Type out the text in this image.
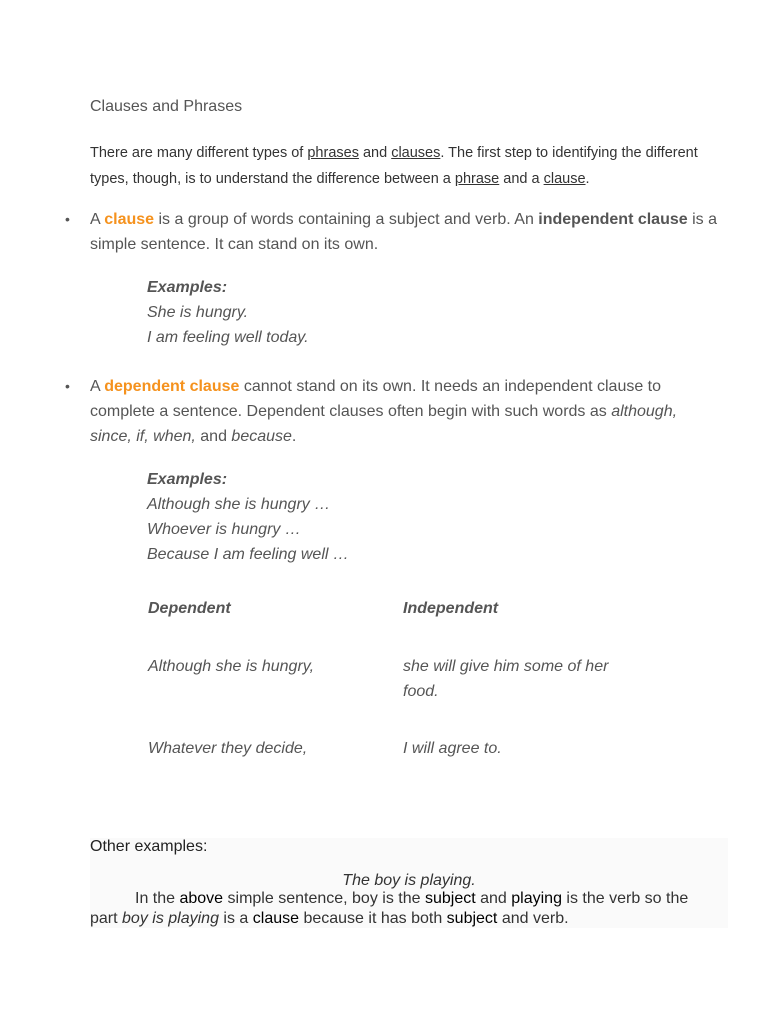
Clauses and Phrases
There are many different types of phrases and clauses. The first step to identifying the different types, though, is to understand the difference between a phrase and a clause.
• A clause is a group of words containing a subject and verb. An independent clause is a simple sentence. It can stand on its own.
Examples:
She is hungry.
I am feeling well today.
• A dependent clause cannot stand on its own. It needs an independent clause to complete a sentence. Dependent clauses often begin with such words as although, since, if, when, and because.
Examples:
Although she is hungry …
Whoever is hungry …
Because I am feeling well …
Dependent	Independent
Although she is hungry,	she will give him some of her food.
Whatever they decide,	I will agree to.
Other examples:
The boy is playing.
In the above simple sentence, boy is the subject and playing is the verb so the part boy is playing is a clause because it has both subject and verb.
